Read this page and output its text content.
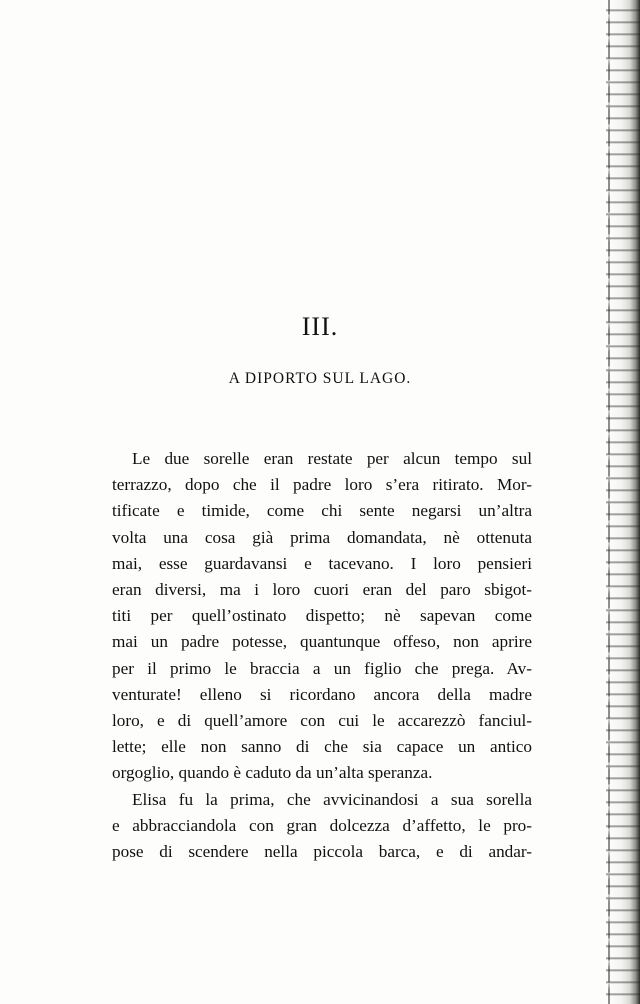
III.
A DIPORTO SUL LAGO.
Le due sorelle eran restate per alcun tempo sul
terrazzo, dopo che il padre loro s’era ritirato. Mor-
tificate e timide, come chi sente negarsi un’altra
volta una cosa già prima domandata, nè ottenuta
mai, esse guardavansi e tacevano. I loro pensieri
eran diversi, ma i loro cuori eran del paro sbigot-
titi per quell’ostinato dispetto; nè sapevan come
mai un padre potesse, quantunque offeso, non aprire
per il primo le braccia a un figlio che prega. Av-
venturate! elleno si ricordano ancora della madre
loro, e di quell’amore con cui le accarezzò fanciul-
lette; elle non sanno di che sia capace un antico
orgoglio, quando è caduto da un’alta speranza.
Elisa fu la prima, che avvicinandosi a sua sorella
e abbracciandola con gran dolcezza d’affetto, le pro-
pose di scendere nella piccola barca, e di andar-
